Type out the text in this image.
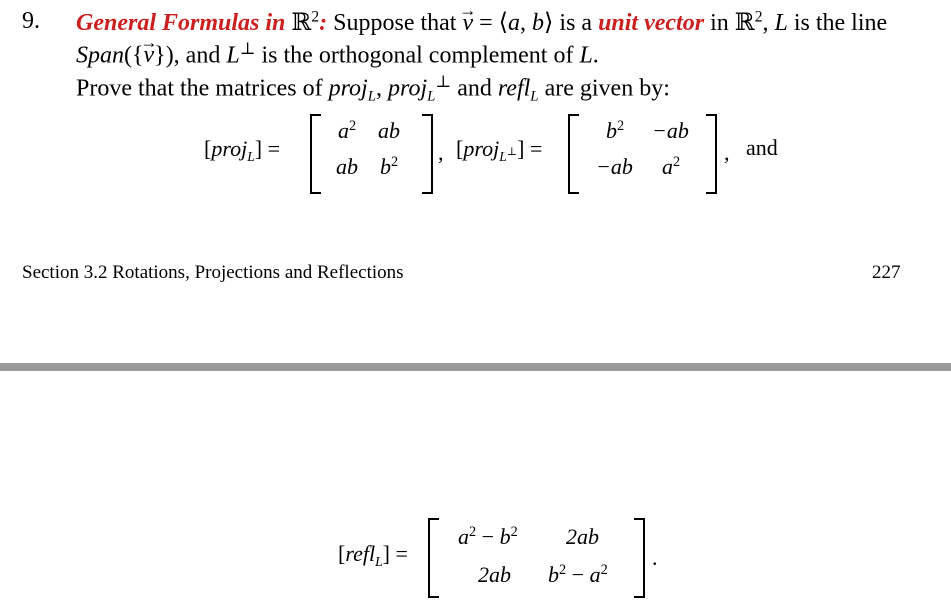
9. General Formulas in ℝ$^2$: Suppose that → v = ⟨a, b⟩ is a unit vector in ℝ$^2$, L is the line
Span({→ v}), and L⊥ is the orthogonal complement of L.
Prove that the matrices of proj$_L$, proj$_L$⊥ and refl$_L$ are given by:
[proj$_L$] =
$a^2$ ab
ab $b^2$ , [proj$_L$⊥] =
$b^2 -ab$
−ab $a^2$ , and
Section 3.2 Rotations, Projections and Reflections	227
[refl$_L$] =
$a^2 - b^2$ 2ab
2ab $b^2 - a^2$
.
